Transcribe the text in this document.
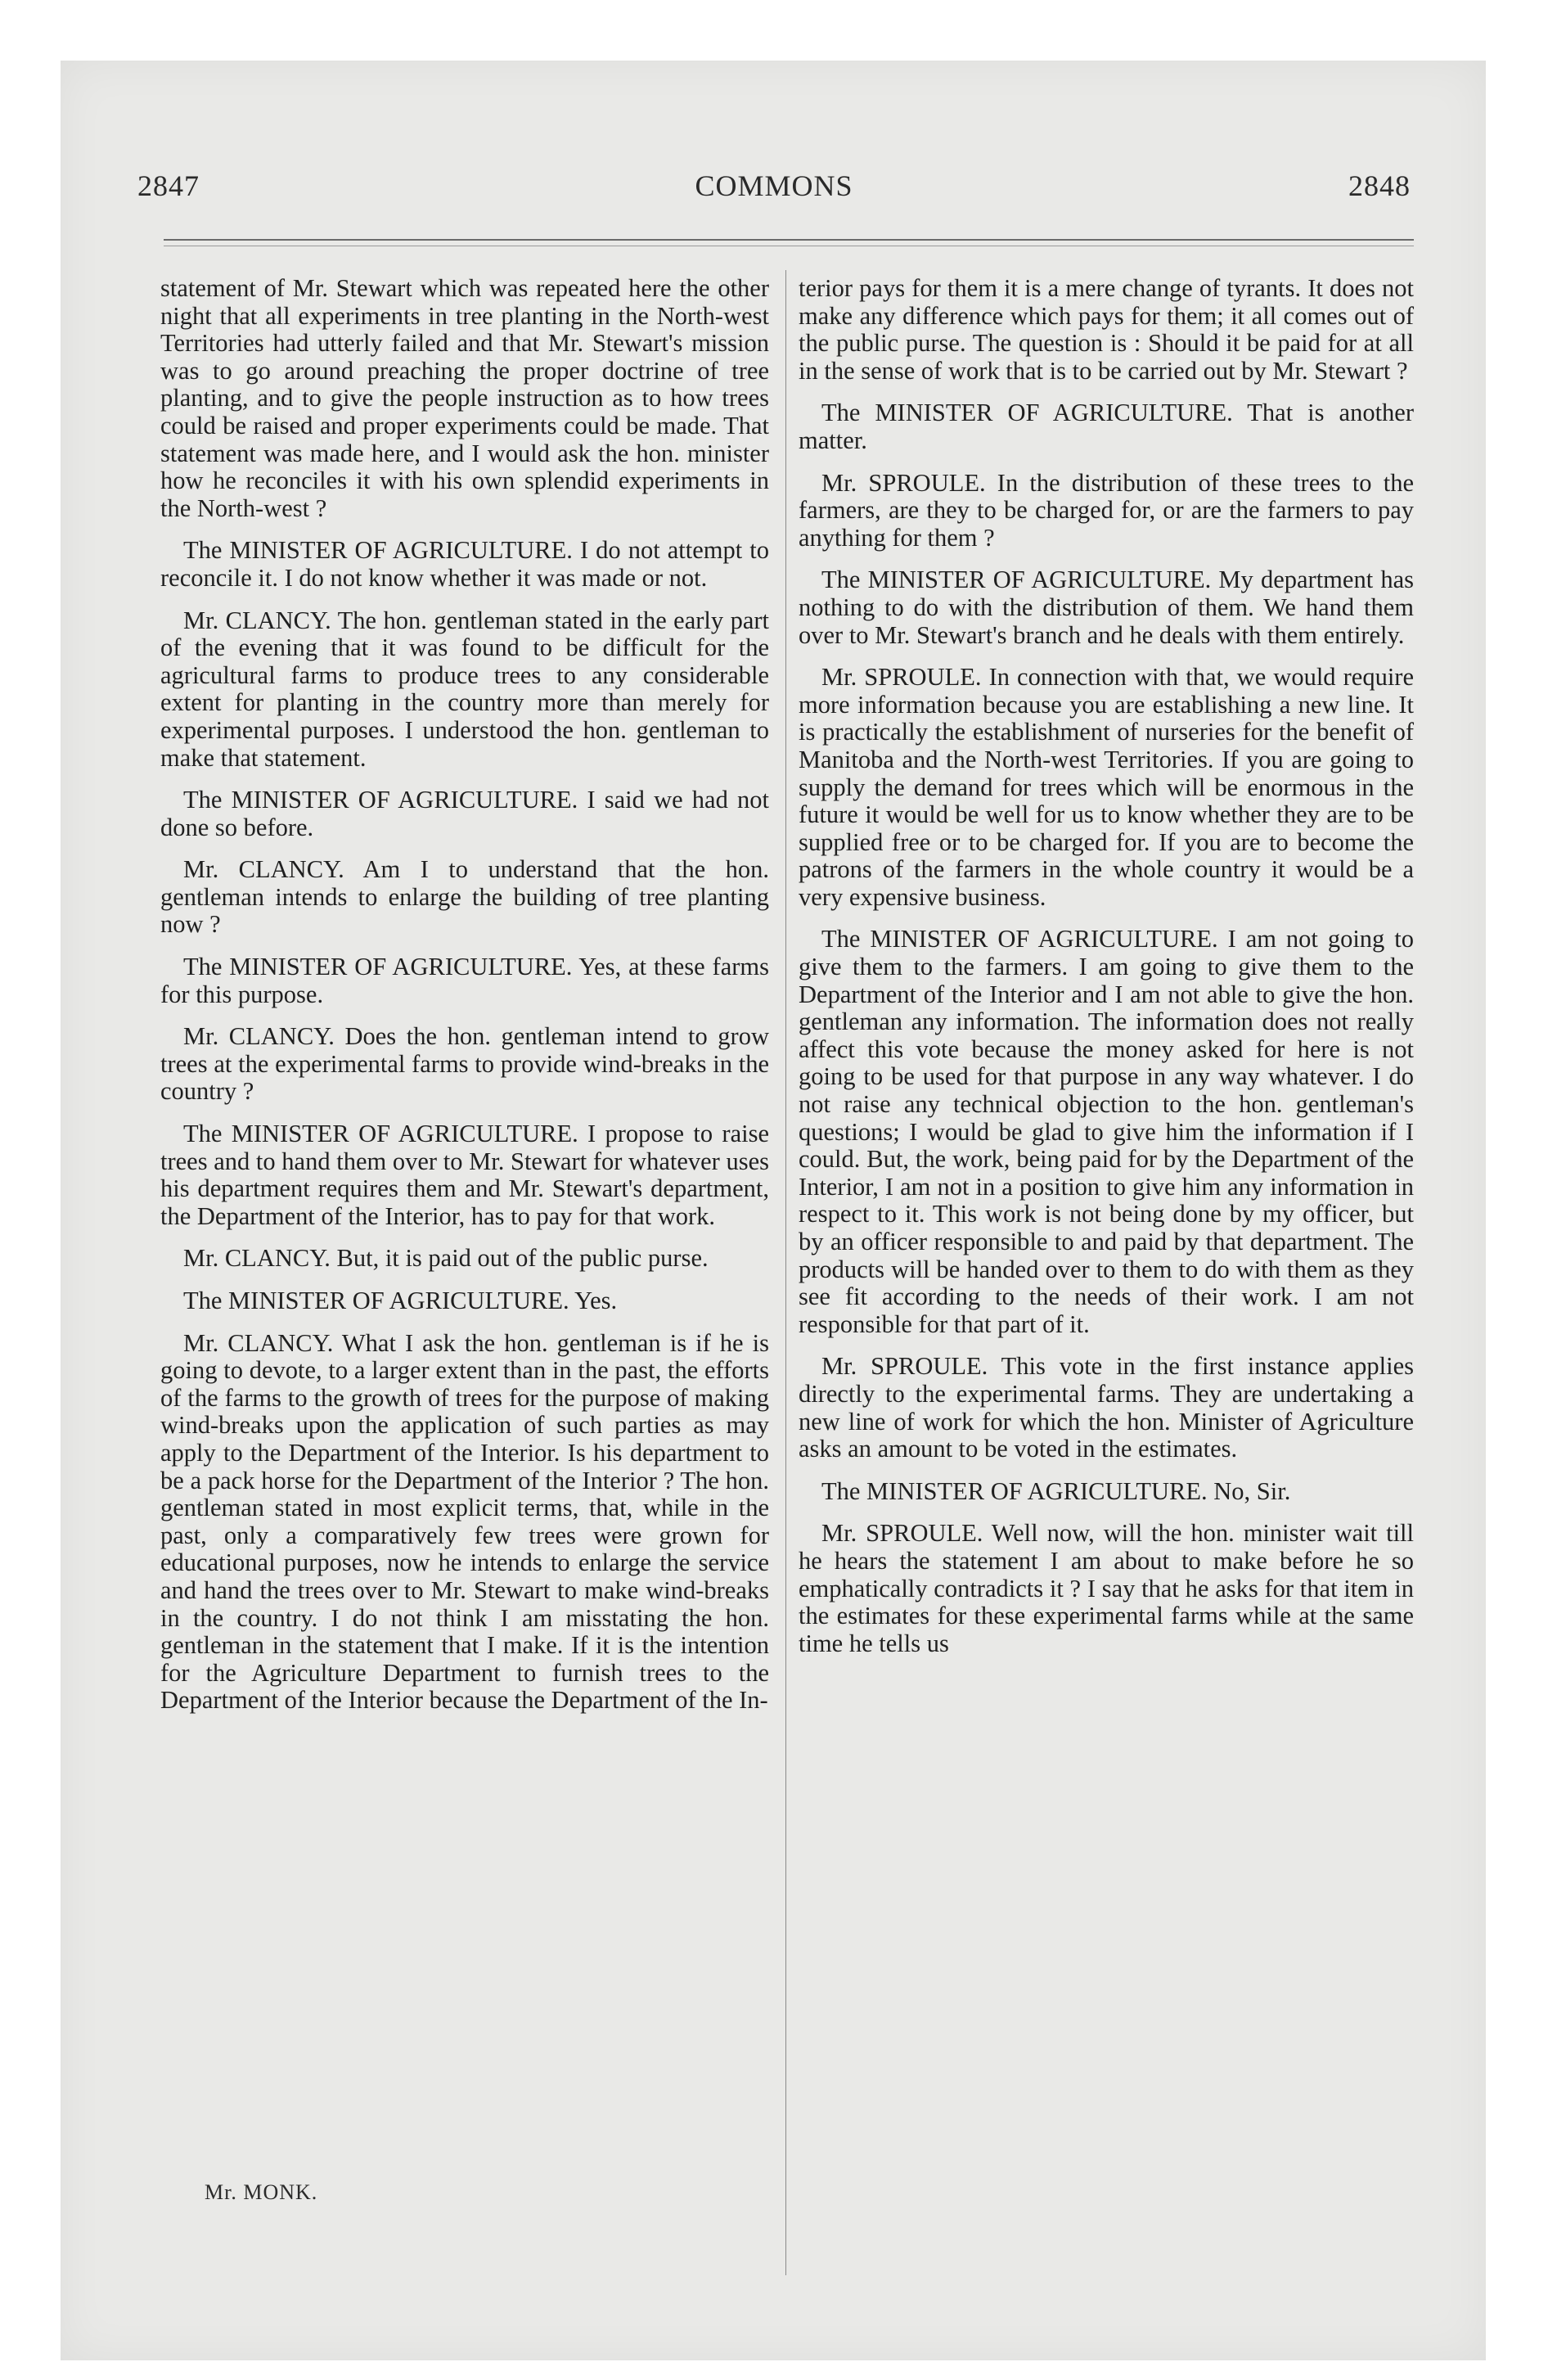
2847	COMMONS	2848

statement of Mr. Stewart which was repeated here the other night that all experiments in tree planting in the North-west Territories had utterly failed and that Mr. Stewart's mission was to go around preaching the proper doctrine of tree planting, and to give the people instruction as to how trees could be raised and proper experiments could be made. That statement was made here, and I would ask the hon. minister how he reconciles it with his own splendid experiments in the North-west ?

The MINISTER OF AGRICULTURE. I do not attempt to reconcile it. I do not know whether it was made or not.

Mr. CLANCY. The hon. gentleman stated in the early part of the evening that it was found to be difficult for the agricultural farms to produce trees to any considerable extent for planting in the country more than merely for experimental purposes. I understood the hon. gentleman to make that statement.

The MINISTER OF AGRICULTURE. I said we had not done so before.

Mr. CLANCY. Am I to understand that the hon. gentleman intends to enlarge the building of tree planting now ?

The MINISTER OF AGRICULTURE. Yes, at these farms for this purpose.

Mr. CLANCY. Does the hon. gentleman intend to grow trees at the experimental farms to provide wind-breaks in the country ?

The MINISTER OF AGRICULTURE. I propose to raise trees and to hand them over to Mr. Stewart for whatever uses his department requires them and Mr. Stewart's department, the Department of the Interior, has to pay for that work.

Mr. CLANCY. But, it is paid out of the public purse.

The MINISTER OF AGRICULTURE. Yes.

Mr. CLANCY. What I ask the hon. gentleman is if he is going to devote, to a larger extent than in the past, the efforts of the farms to the growth of trees for the purpose of making wind-breaks upon the application of such parties as may apply to the Department of the Interior. Is his department to be a pack horse for the Department of the Interior ? The hon. gentleman stated in most explicit terms, that, while in the past, only a comparatively few trees were grown for educational purposes, now he intends to enlarge the service and hand the trees over to Mr. Stewart to make wind-breaks in the country. I do not think I am misstating the hon. gentleman in the statement that I make. If it is the intention for the Agriculture Department to furnish trees to the Department of the Interior because the Department of the In-

terior pays for them it is a mere change of tyrants. It does not make any difference which pays for them; it all comes out of the public purse. The question is : Should it be paid for at all in the sense of work that is to be carried out by Mr. Stewart ?

The MINISTER OF AGRICULTURE. That is another matter.

Mr. SPROULE. In the distribution of these trees to the farmers, are they to be charged for, or are the farmers to pay anything for them ?

The MINISTER OF AGRICULTURE. My department has nothing to do with the distribution of them. We hand them over to Mr. Stewart's branch and he deals with them entirely.

Mr. SPROULE. In connection with that, we would require more information because you are establishing a new line. It is practically the establishment of nurseries for the benefit of Manitoba and the North-west Territories. If you are going to supply the demand for trees which will be enormous in the future it would be well for us to know whether they are to be supplied free or to be charged for. If you are to become the patrons of the farmers in the whole country it would be a very expensive business.

The MINISTER OF AGRICULTURE. I am not going to give them to the farmers. I am going to give them to the Department of the Interior and I am not able to give the hon. gentleman any information. The information does not really affect this vote because the money asked for here is not going to be used for that purpose in any way whatever. I do not raise any technical objection to the hon. gentleman's questions; I would be glad to give him the information if I could. But, the work, being paid for by the Department of the Interior, I am not in a position to give him any information in respect to it. This work is not being done by my officer, but by an officer responsible to and paid by that department. The products will be handed over to them to do with them as they see fit according to the needs of their work. I am not responsible for that part of it.

Mr. SPROULE. This vote in the first instance applies directly to the experimental farms. They are undertaking a new line of work for which the hon. Minister of Agriculture asks an amount to be voted in the estimates.

The MINISTER OF AGRICULTURE. No, Sir.

Mr. SPROULE. Well now, will the hon. minister wait till he hears the statement I am about to make before he so emphatically contradicts it ? I say that he asks for that item in the estimates for these experimental farms while at the same time he tells us

Mr. MONK.
